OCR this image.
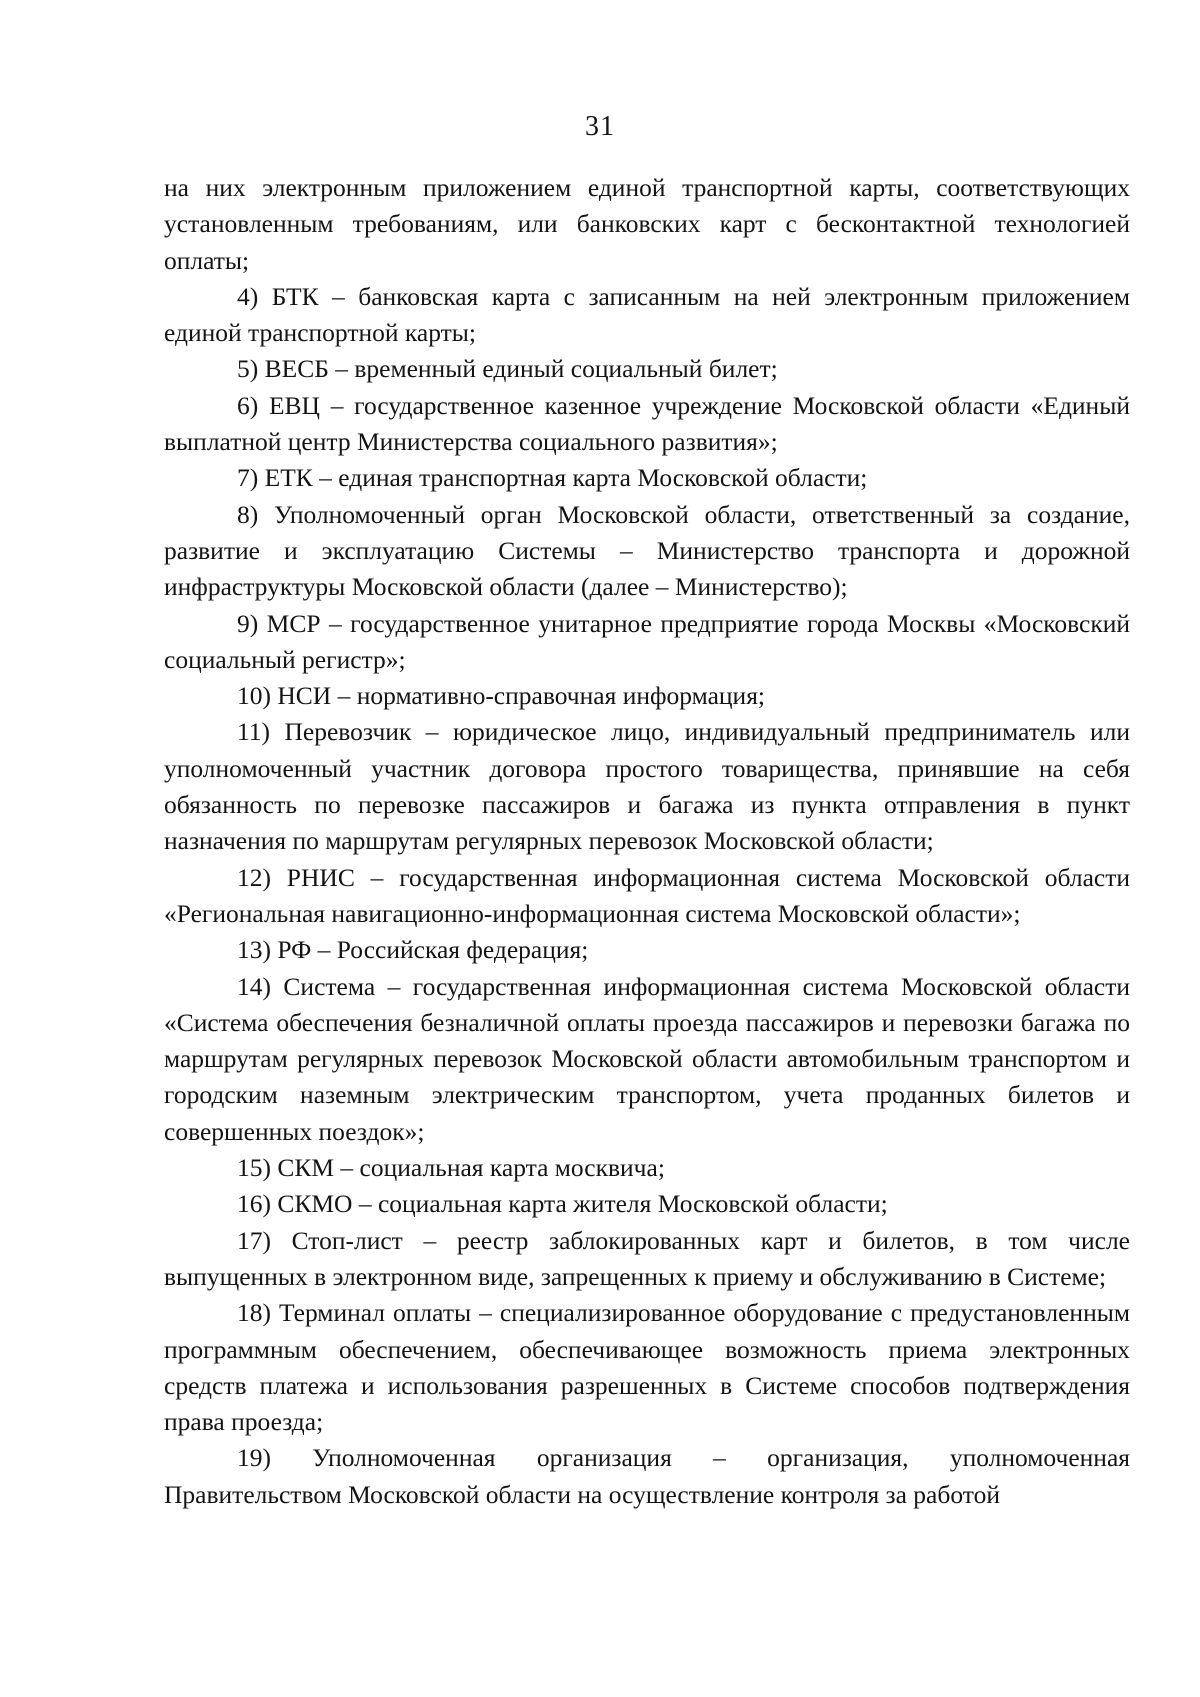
31

на них электронным приложением единой транспортной карты, соответствующих установленным требованиям, или банковских карт с бесконтактной технологией оплаты;

4) БТК – банковская карта с записанным на ней электронным приложением единой транспортной карты;

5) ВЕСБ – временный единый социальный билет;

6) ЕВЦ – государственное казенное учреждение Московской области «Единый выплатной центр Министерства социального развития»;

7) ЕТК – единая транспортная карта Московской области;

8) Уполномоченный орган Московской области, ответственный за создание, развитие и эксплуатацию Системы – Министерство транспорта и дорожной инфраструктуры Московской области (далее – Министерство);

9) МСР – государственное унитарное предприятие города Москвы «Московский социальный регистр»;

10) НСИ – нормативно-справочная информация;

11) Перевозчик – юридическое лицо, индивидуальный предприниматель или уполномоченный участник договора простого товарищества, принявшие на себя обязанность по перевозке пассажиров и багажа из пункта отправления в пункт назначения по маршрутам регулярных перевозок Московской области;

12) РНИС – государственная информационная система Московской области «Региональная навигационно-информационная система Московской области»;

13) РФ – Российская федерация;

14) Система – государственная информационная система Московской области «Система обеспечения безналичной оплаты проезда пассажиров и перевозки багажа по маршрутам регулярных перевозок Московской области автомобильным транспортом и городским наземным электрическим транспортом, учета проданных билетов и совершенных поездок»;

15) СКМ – социальная карта москвича;

16) СКМО – социальная карта жителя Московской области;

17) Стоп-лист – реестр заблокированных карт и билетов, в том числе выпущенных в электронном виде, запрещенных к приему и обслуживанию в Системе;

18) Терминал оплаты – специализированное оборудование с предустановленным программным обеспечением, обеспечивающее возможность приема электронных средств платежа и использования разрешенных в Системе способов подтверждения права проезда;

19) Уполномоченная организация – организация, уполномоченная Правительством Московской области на осуществление контроля за работой
